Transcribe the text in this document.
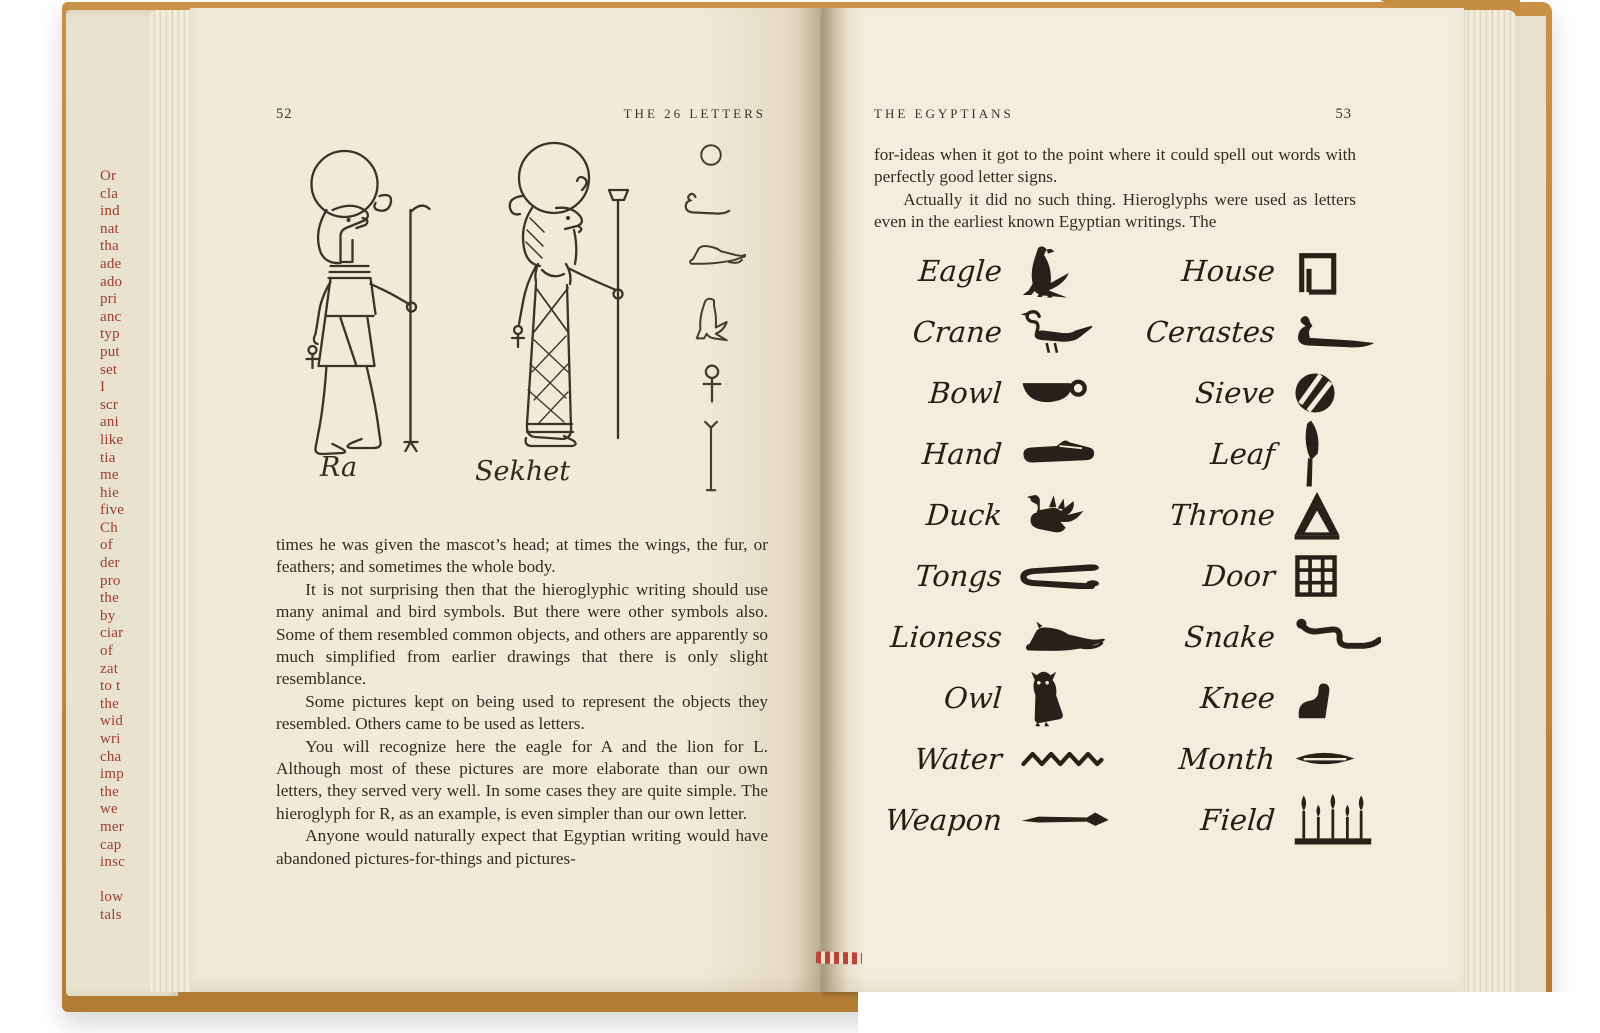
Or
cla
ind
nat
tha
ade
ado
pri
anc
typ
put
set
I
scr
ani
like
tia
me
hie
five
Ch
of
der
pro
the
by
ciar
of
zat
to t
the
wid
wri
cha
imp
the
we
mer
cap
insc

low
tals
52	THE 26 LETTERS
Ra	Sekhet

times he was given the mascot’s head; at times the wings, the fur, or feathers; and sometimes the whole body.

It is not surprising then that the hieroglyphic writing should use many animal and bird symbols. But there were other symbols also. Some of them resembled common objects, and others are apparently so much simplified from earlier drawings that there is only slight resemblance.

Some pictures kept on being used to represent the objects they resembled. Others came to be used as letters.

You will recognize here the eagle for A and the lion for L. Although most of these pictures are more elaborate than our own letters, they served very well. In some cases they are quite simple. The hieroglyph for R, as an example, is even simpler than our own letter.

Anyone would naturally expect that Egyptian writing would have abandoned pictures-for-things and pictures-

THE EGYPTIANS	53

for-ideas when it got to the point where it could spell out words with perfectly good letter signs.

Actually it did no such thing. Hieroglyphs were used as letters even in the earliest known Egyptian writings. The

Eagle	House
Crane	Cerastes
Bowl	Sieve
Hand	Leaf
Duck	Throne
Tongs	Door
Lioness	Snake
Owl	Knee
Water	Month
Weapon	Field
